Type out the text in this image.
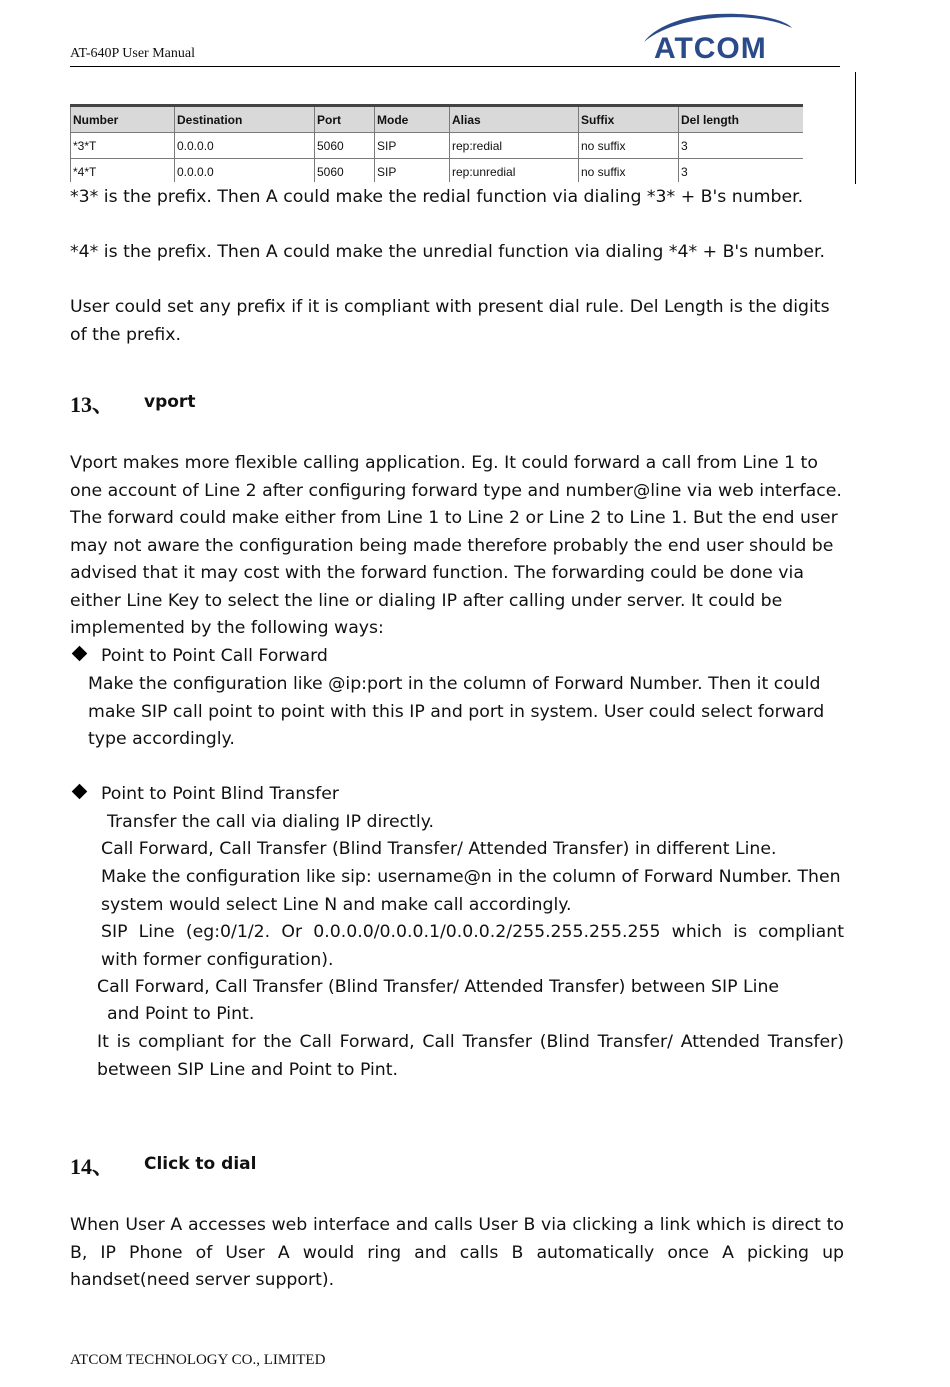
AT-640P User Manual	ATCOM
Number	Destination	Port	Mode	Alias	Suffix	Del length
*3*T	0.0.0.0	5060	SIP	rep:redial	no suffix	3
*4*T	0.0.0.0	5060	SIP	rep:unredial	no suffix	3
*3* is the prefix. Then A could make the redial function via dialing *3* + B's number.
*4* is the prefix. Then A could make the unredial function via dialing *4* + B's number.
User could set any prefix if it is compliant with present dial rule. Del Length is the digits of the prefix.
13、 vport
Vport makes more flexible calling application. Eg. It could forward a call from Line 1 to one account of Line 2 after configuring forward type and number@line via web interface. The forward could make either from Line 1 to Line 2 or Line 2 to Line 1. But the end user may not aware the configuration being made therefore probably the end user should be advised that it may cost with the forward function. The forwarding could be done via either Line Key to select the line or dialing IP after calling under server. It could be implemented by the following ways:
Point to Point Call Forward
Make the configuration like @ip:port in the column of Forward Number. Then it could make SIP call point to point with this IP and port in system. User could select forward type accordingly.
Point to Point Blind Transfer
Transfer the call via dialing IP directly.
Call Forward, Call Transfer (Blind Transfer/ Attended Transfer) in different Line.
Make the configuration like sip: username@n in the column of Forward Number. Then system would select Line N and make call accordingly.
SIP Line (eg:0/1/2. Or 0.0.0.0/0.0.0.1/0.0.0.2/255.255.255.255 which is compliant with former configuration).
Call Forward, Call Transfer (Blind Transfer/ Attended Transfer) between SIP Line
and Point to Pint.
It is compliant for the Call Forward, Call Transfer (Blind Transfer/ Attended Transfer) between SIP Line and Point to Pint.
14、 Click to dial
When User A accesses web interface and calls User B via clicking a link which is direct to B, IP Phone of User A would ring and calls B automatically once A picking up handset(need server support).
ATCOM TECHNOLOGY CO., LIMITED
